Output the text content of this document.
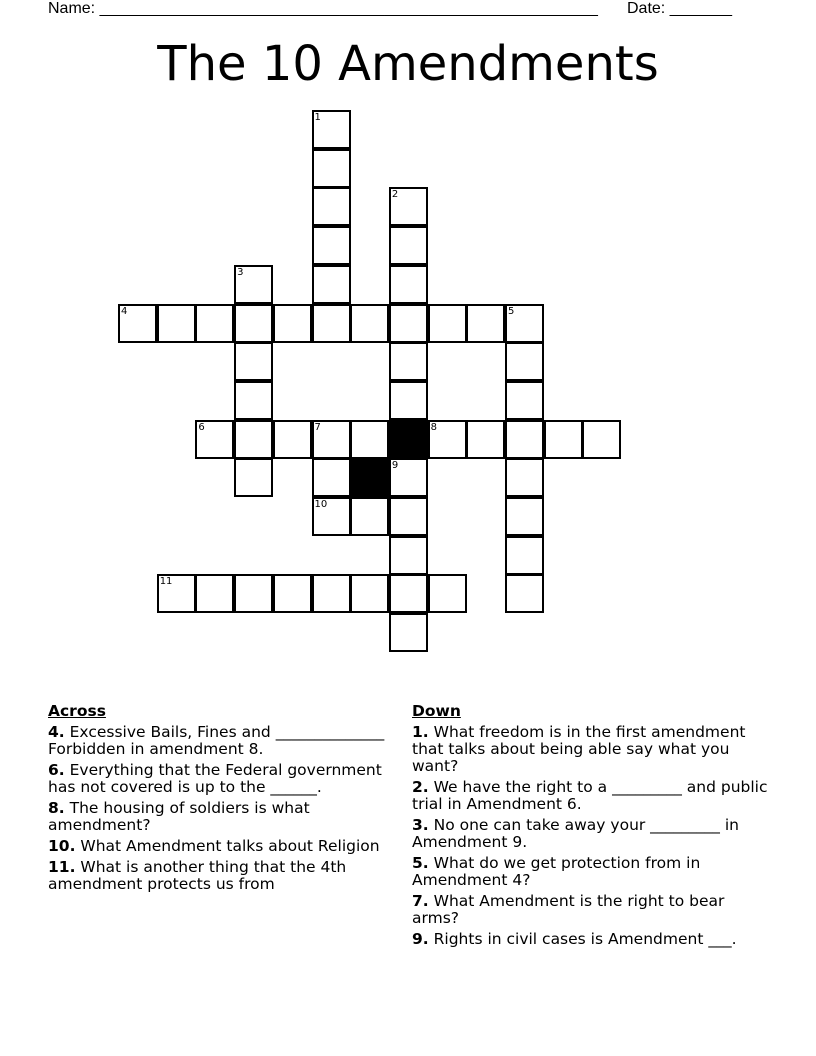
Name: ________________________________________________________ Date: _______
The 10 Amendments
1
2
3
4	5
6	7	8
9
10
11
Across
4. Excessive Bails, Fines and ______________ Forbidden in amendment 8.
6. Everything that the Federal government has not covered is up to the ______.
8. The housing of soldiers is what amendment?
10. What Amendment talks about Religion
11. What is another thing that the 4th amendment protects us from
Down
1. What freedom is in the first amendment that talks about being able say what you want?
2. We have the right to a _________ and public trial in Amendment 6.
3. No one can take away your _________ in Amendment 9.
5. What do we get protection from in Amendment 4?
7. What Amendment is the right to bear arms?
9. Rights in civil cases is Amendment ___.
